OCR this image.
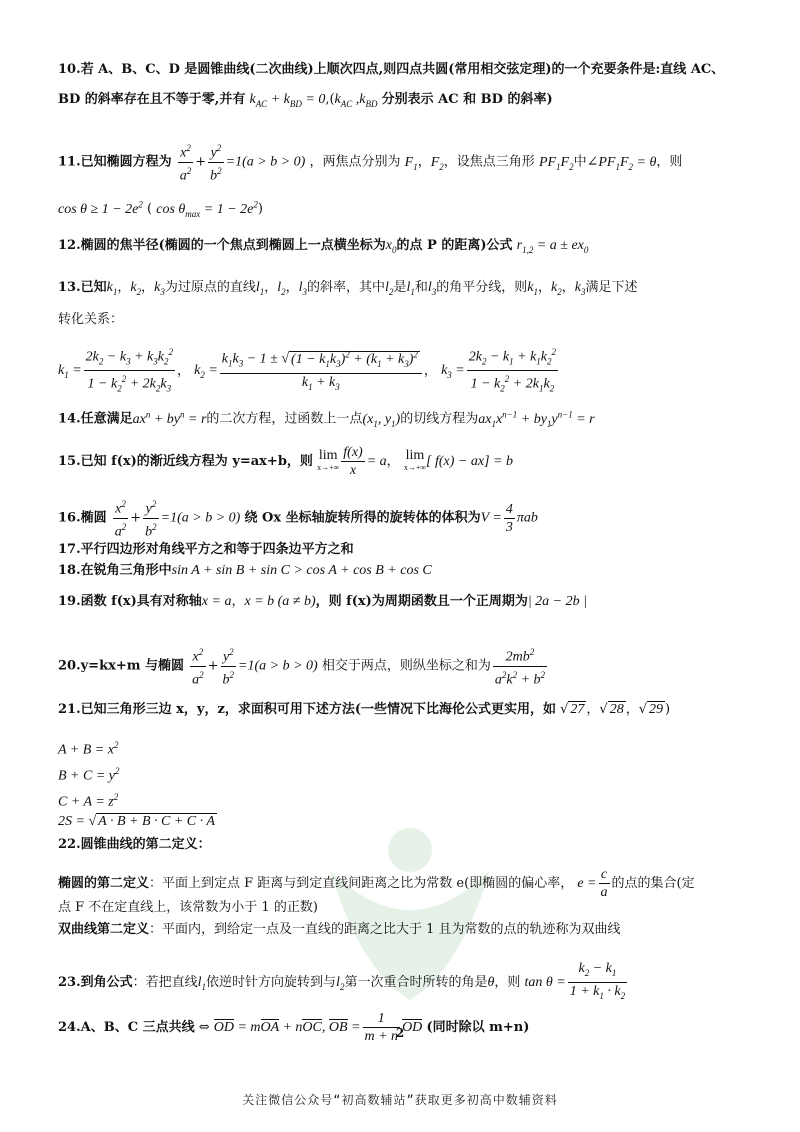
10.若 A、B、C、D 是圆锥曲线(二次曲线)上顺次四点,则四点共圆(常用相交弦定理)的一个充要条件是:直线 AC、
BD 的斜率存在且不等于零,并有 $k_{AC} + k_{BD} = 0,(k_{AC}$ $,k_{BD}$ 分别表示 AC 和 BD 的斜率)
11.已知椭圆方程为 $\frac{x^2}{a^2} + \frac{y^2}{b^2} =1(a > b > 0)$ ，两焦点分别为 $F_1$，$F_2$，设焦点三角形 $PF_1F_2$中$\angle PF_1F_2 = \theta$，则
$\cos \theta \ge 1 - 2e^2$ ( $\cos \theta_{max} = 1 - 2e^2$)
12.椭圆的焦半径(椭圆的一个焦点到椭圆上一点横坐标为$x_0$的点 P 的距离)公式 $r_{1,2} = a \pm ex_0$
13.已知$k_1$，$k_2$，$k_3$为过原点的直线$l_1$，$l_2$，$l_3$的斜率，其中$l_2$是$l_1$和$l_3$的角平分线，则$k_1$，$k_2$，$k_3$满足下述
转化关系：
$k_1 = \frac{2k_2 - k_3 + k_3k_2^2}{1 - k_2^2 + 2k_2k_3}$ ， $k_2 = \frac{k_1k_3 - 1 \pm √ (1 - k_1k_3)^2 + (k_1 + k_3)^2}{k_1 + k_3}$ ， $k_3 = \frac{2k_2 - k_1 + k_1k_2^2}{1 - k_2^2 + 2k_1k_2}$
14.任意满足$ax^n + by^n = r$的二次方程，过函数上一点($x_1$, $y_1$)的切线方程为$ax_1x^{n-1} + by_1y^{n-1} = r$
15.已知 f(x)的渐近线方程为 y=ax+b，则 lim
$x\to+\infty \frac{f(x)}{x} = a$， lim
x→+∞ [ f(x) − ax] = b
16.椭圆 $\frac{x^2}{a^2} + \frac{y^2}{b^2} =1(a > b > 0)$ 绕 Ox 坐标轴旋转所得的旋转体的体积为$V = \frac{4}{3}$ πab
17.平行四边形对角线平方之和等于四条边平方之和
18.在锐角三角形中sin A + sin B + sin C > cos A + cos B + cos C
19.函数 f(x)具有对称轴x = a，x = b (a ≠ b)，则 f(x)为周期函数且一个正周期为| 2a − 2b |
20.y=kx+m 与椭圆 $\frac{x^2}{a^2} + \frac{y^2}{b^2} =1(a > b > 0)$ 相交于两点，则纵坐标之和为 $\frac{2mb^2}{a^2k^2 + b^2}$
21.已知三角形三边 x，y，z，求面积可用下述方法(一些情况下比海伦公式更实用，如 √ 27 ，√ 28 ，√ 29 )
$A + B = x^2$
$B + C = y^2$
$C + A = z^2$
2S = √ A · B + B · C + C · A
22.圆锥曲线的第二定义：
椭圆的第二定义：平面上到定点 F 距离与到定直线间距离之比为常数 e(即椭圆的偏心率， $e = \frac{c}{a}$ 的点的集合(定
点 F 不在定直线上，该常数为小于 1 的正数)
双曲线第二定义：平面内，到给定一点及一直线的距离之比大于 1 且为常数的点的轨迹称为双曲线
23.到角公式：若把直线$l_1$依逆时针方向旋转到与$l_2$第一次重合时所转的角是θ，则 $\tan \theta = \frac{k_2 - k_1}{1 + k_1 \cdot k_2}$
24.A、B、C 三点共线 ⇔ OD = mOA + nOC, OB = $\frac{1}{m + n}$ OD (同时除以 m+n)
2
关注微信公众号“初高数辅站”获取更多初高中数辅资料
